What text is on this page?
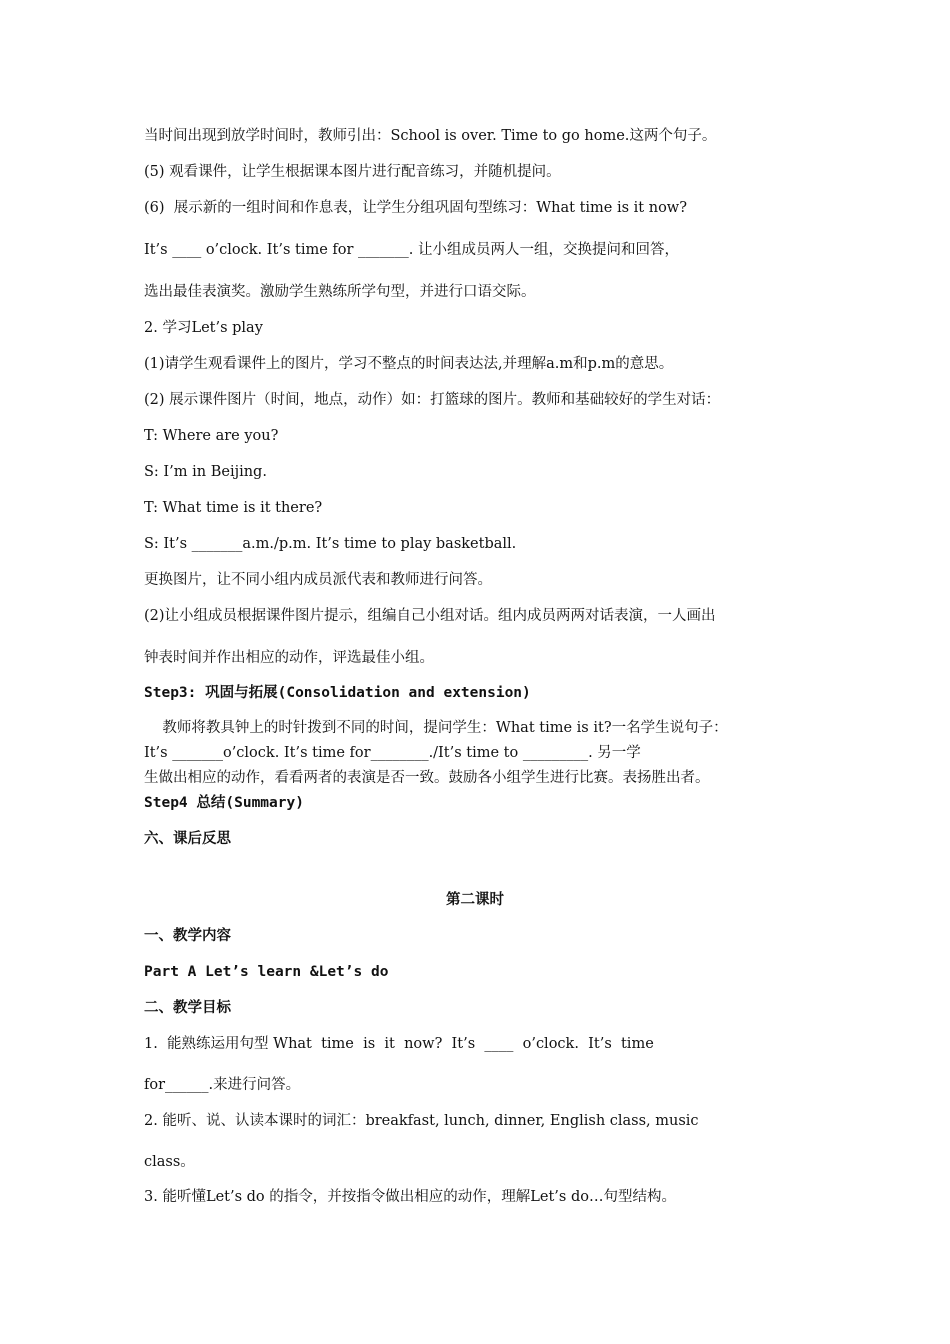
当时间出现到放学时间时，教师引出：School is over. Time to go home.这两个句子。
(5) 观看课件，让学生根据课本图片进行配音练习，并随机提问。
(6)  展示新的一组时间和作息表，让学生分组巩固句型练习：What time is it now?
It’s ____ o’clock. It’s time for _______. 让小组成员两人一组，交换提问和回答，
选出最佳表演奖。激励学生熟练所学句型，并进行口语交际。
2. 学习Let’s play
(1)请学生观看课件上的图片，学习不整点的时间表达法,并理解a.m和p.m的意思。
(2) 展示课件图片（时间，地点，动作）如：打篮球的图片。教师和基础较好的学生对话：
T: Where are you?
S: I’m in Beijing.
T: What time is it there?
S: It’s _______a.m./p.m. It’s time to play basketball.
更换图片，让不同小组内成员派代表和教师进行问答。
(2)让小组成员根据课件图片提示，组编自己小组对话。组内成员两两对话表演，一人画出
钟表时间并作出相应的动作，评选最佳小组。
Step3: 巩固与拓展(Consolidation and extension)
教师将教具钟上的时针拨到不同的时间，提问学生：What time is it?一名学生说句子：
It’s _______o’clock. It’s time for________./It’s time to _________. 另一学
生做出相应的动作，看看两者的表演是否一致。鼓励各小组学生进行比赛。表扬胜出者。
Step4 总结(Summary)
六、课后反思
第二课时
一、教学内容
Part A Let’s learn &Let’s do
二、教学目标
1.  能熟练运用句型 What  time  is  it  now?  It’s  ____  o’clock.  It’s  time
for______.来进行问答。
2. 能听、说、认读本课时的词汇：breakfast, lunch, dinner, English class, music
class。
3. 能听懂Let’s do 的指令，并按指令做出相应的动作，理解Let’s do…句型结构。
